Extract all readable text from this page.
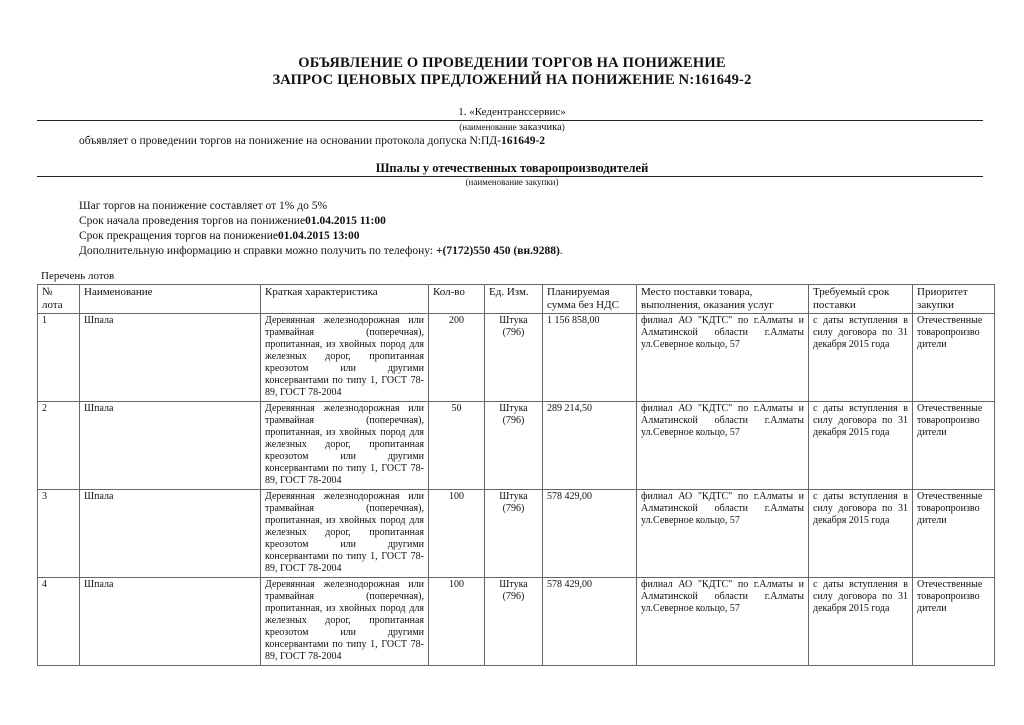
ОБЪЯВЛЕНИЕ О ПРОВЕДЕНИИ ТОРГОВ НА ПОНИЖЕНИЕ
ЗАПРОС ЦЕНОВЫХ ПРЕДЛОЖЕНИЙ НА ПОНИЖЕНИЕ N:161649-2
1. «Кедентранссервис»
(наименование заказчика)
объявляет о проведении торгов на понижение на основании протокола допуска N:ПД-161649-2
Шпалы у отечественных товаропроизводителей
(наименование закупки)
Шаг торгов на понижение составляет от 1% до 5%
Срок начала проведения торгов на понижение01.04.2015 11:00
Срок прекращения торгов на понижение01.04.2015 13:00
Дополнительную информацию и справки можно получить по телефону: +(7172)550 450 (вн.9288).
Перечень лотов
№ лота	Наименование	Краткая характеристика	Кол-во	Ед. Изм.	Планируемая сумма без НДС	Место поставки товара, выполнения, оказания услуг	Требуемый срок поставки	Приоритет закупки
1	Шпала	Деревянная железнодорожная или трамвайная (поперечная), пропитанная, из хвойных пород для железных дорог, пропитанная креозотом или другими консервантами по типу 1, ГОСТ 78-89, ГОСТ 78-2004	200	Штука (796)	1 156 858,00	филиал АО "КДТС" по г.Алматы и Алматинской области г.Алматы ул.Северное кольцо, 57	с даты вступления в силу договора по 31 декабря 2015 года	Отечественные товаропроизво дители
2	Шпала	Деревянная железнодорожная или трамвайная (поперечная), пропитанная, из хвойных пород для железных дорог, пропитанная креозотом или другими консервантами по типу 1, ГОСТ 78-89, ГОСТ 78-2004	50	Штука (796)	289 214,50	филиал АО "КДТС" по г.Алматы и Алматинской области г.Алматы ул.Северное кольцо, 57	с даты вступления в силу договора по 31 декабря 2015 года	Отечественные товаропроизво дители
3	Шпала	Деревянная железнодорожная или трамвайная (поперечная), пропитанная, из хвойных пород для железных дорог, пропитанная креозотом или другими консервантами по типу 1, ГОСТ 78-89, ГОСТ 78-2004	100	Штука (796)	578 429,00	филиал АО "КДТС" по г.Алматы и Алматинской области г.Алматы ул.Северное кольцо, 57	с даты вступления в силу договора по 31 декабря 2015 года	Отечественные товаропроизво дители
4	Шпала	Деревянная железнодорожная или трамвайная (поперечная), пропитанная, из хвойных пород для железных дорог, пропитанная креозотом или другими консервантами по типу 1, ГОСТ 78-89, ГОСТ 78-2004	100	Штука (796)	578 429,00	филиал АО "КДТС" по г.Алматы и Алматинской области г.Алматы ул.Северное кольцо, 57	с даты вступления в силу договора по 31 декабря 2015 года	Отечественные товаропроизво дители
